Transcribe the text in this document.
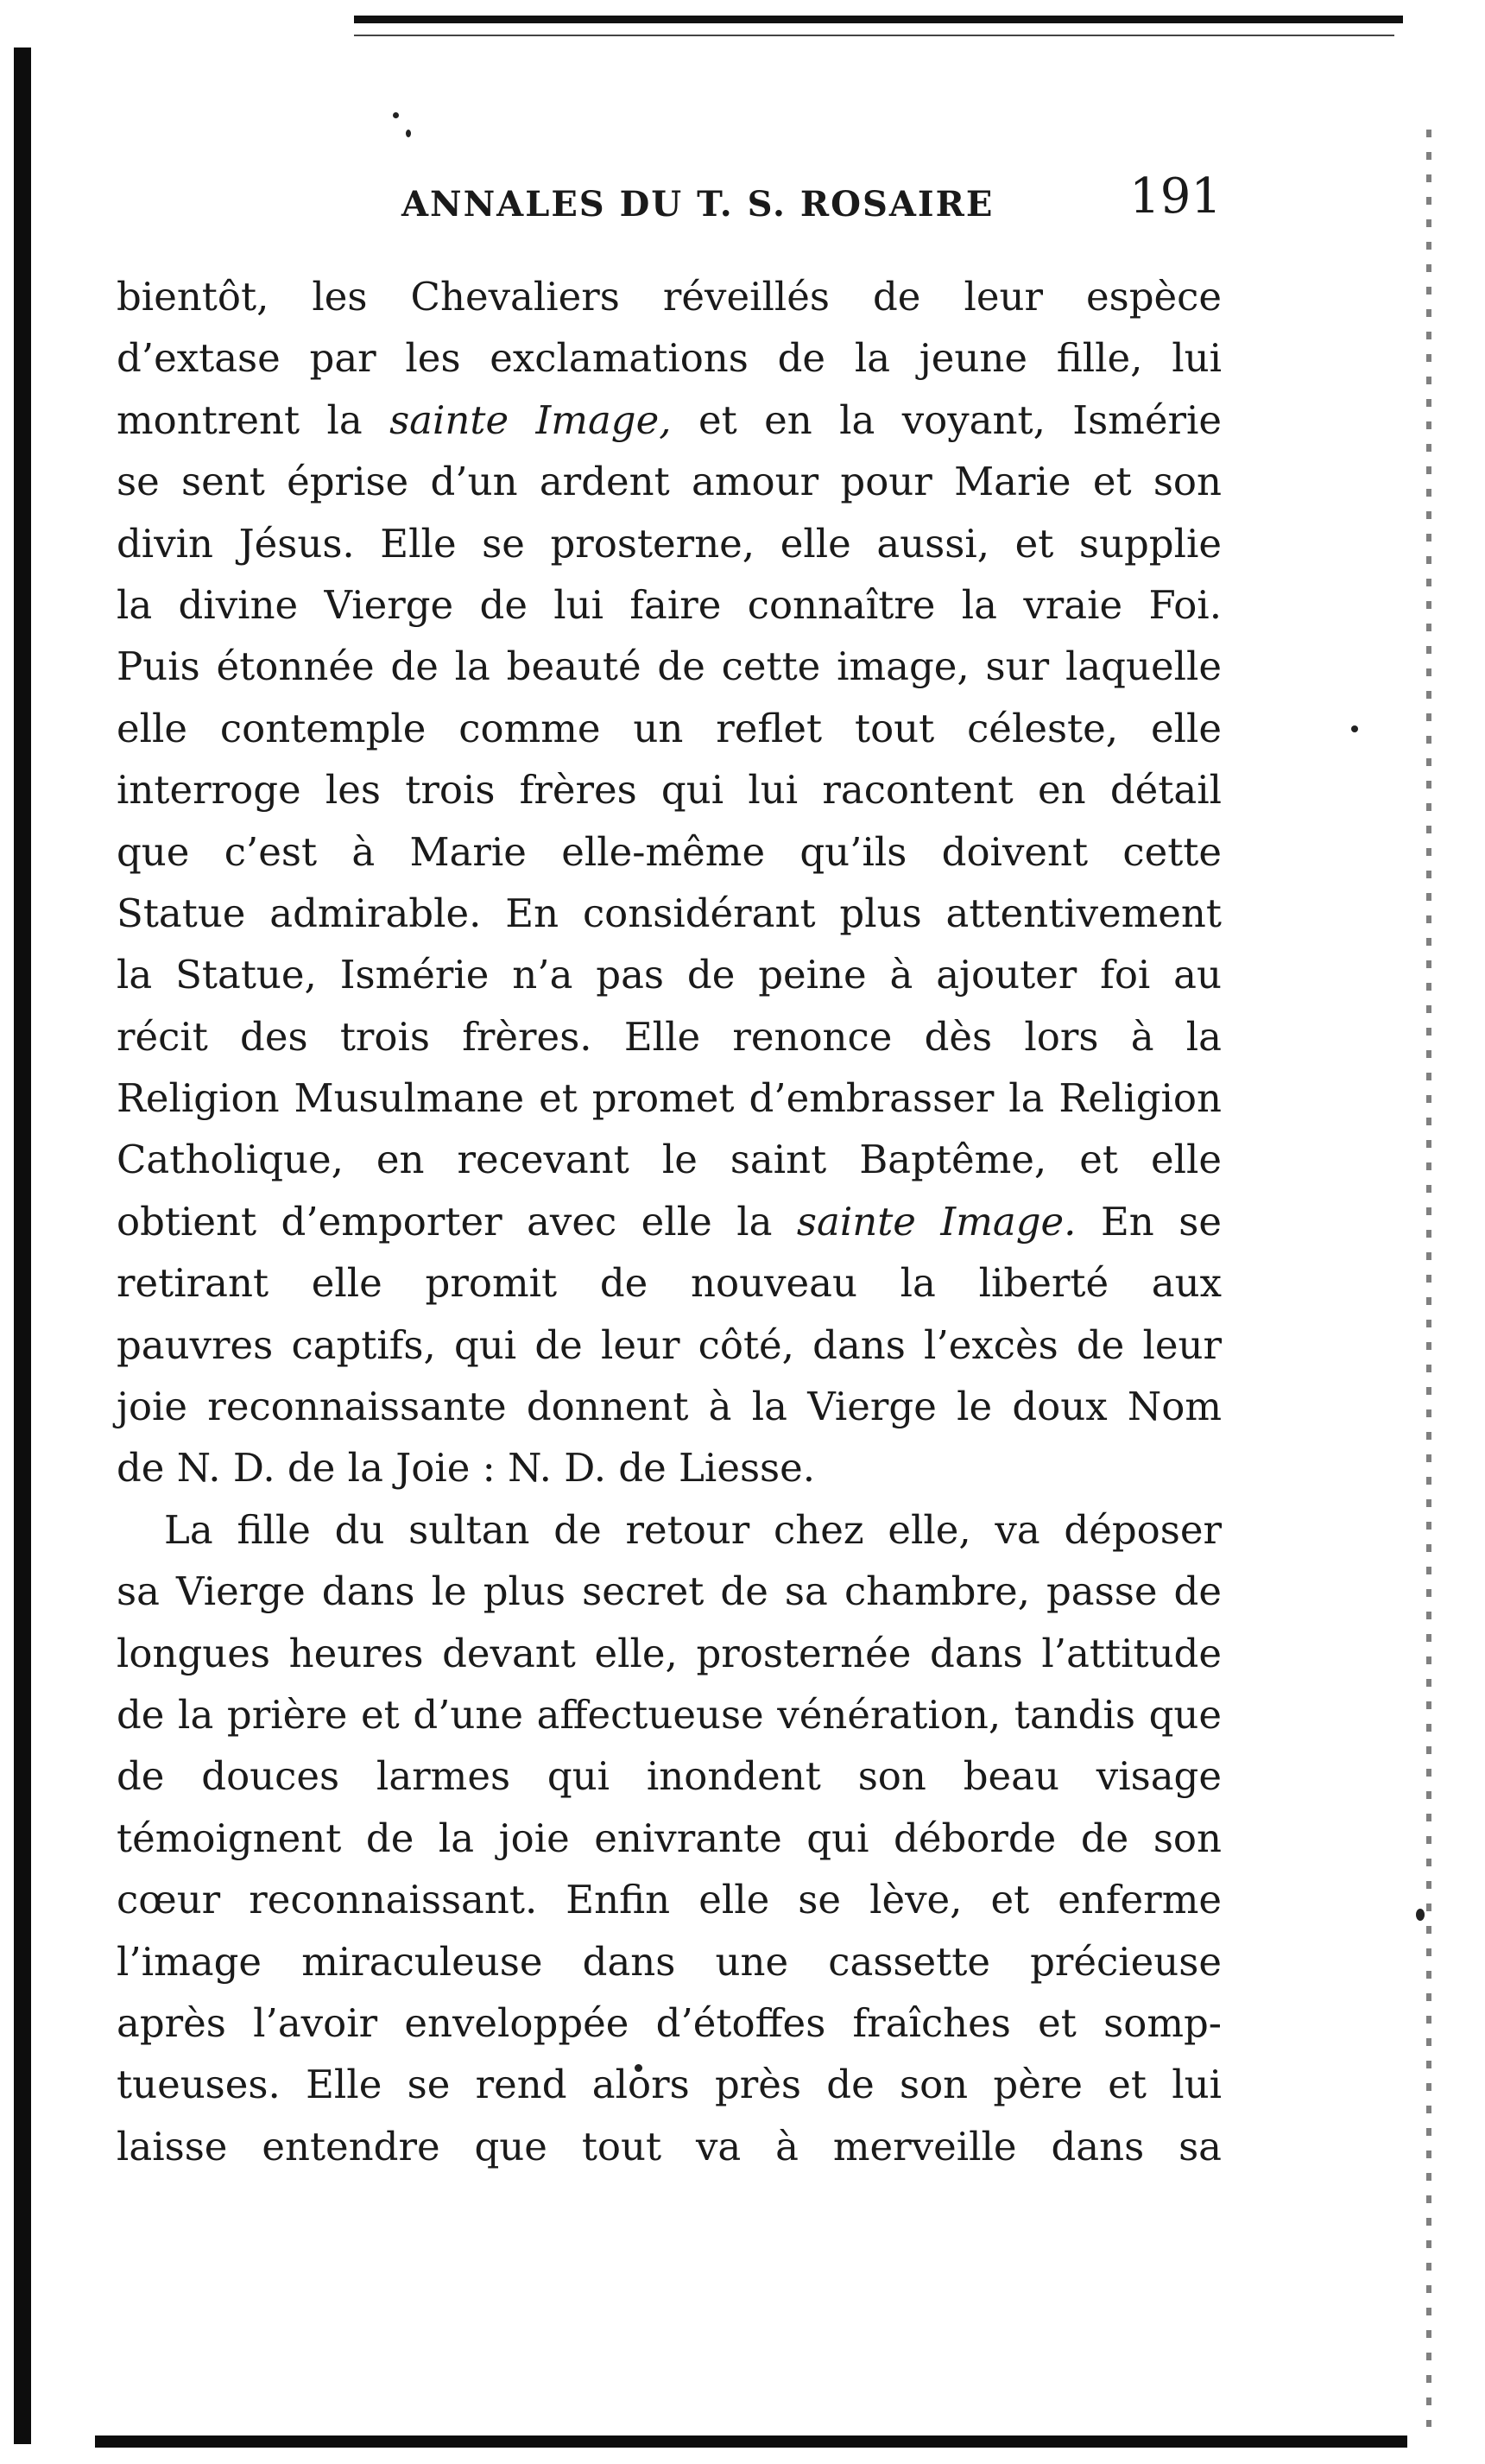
ANNALES DU T. S. ROSAIRE	191
bientôt, les Chevaliers réveillés de leur espèce
d’extase par les exclamations de la jeune fille, lui
montrent la sainte Image, et en la voyant, Ismérie
se sent éprise d’un ardent amour pour Marie et son
divin Jésus. Elle se prosterne, elle aussi, et supplie
la divine Vierge de lui faire connaître la vraie Foi.
Puis étonnée de la beauté de cette image, sur laquelle
elle contemple comme un reflet tout céleste, elle
interroge les trois frères qui lui racontent en détail
que c’est à Marie elle-même qu’ils doivent cette
Statue admirable. En considérant plus attentivement
la Statue, Ismérie n’a pas de peine à ajouter foi au
récit des trois frères. Elle renonce dès lors à la
Religion Musulmane et promet d’embrasser la Religion
Catholique, en recevant le saint Baptême, et elle
obtient d’emporter avec elle la sainte Image. En se
retirant elle promit de nouveau la liberté aux
pauvres captifs, qui de leur côté, dans l’excès de leur
joie reconnaissante donnent à la Vierge le doux Nom
de N. D. de la Joie : N. D. de Liesse.
La fille du sultan de retour chez elle, va déposer
sa Vierge dans le plus secret de sa chambre, passe de
longues heures devant elle, prosternée dans l’attitude
de la prière et d’une affectueuse vénération, tandis que
de douces larmes qui inondent son beau visage
témoignent de la joie enivrante qui déborde de son
cœur reconnaissant. Enfin elle se lève, et enferme
l’image miraculeuse dans une cassette précieuse
après l’avoir enveloppée d’étoffes fraîches et somp-
tueuses. Elle se rend alors près de son père et lui
laisse entendre que tout va à merveille dans sa
